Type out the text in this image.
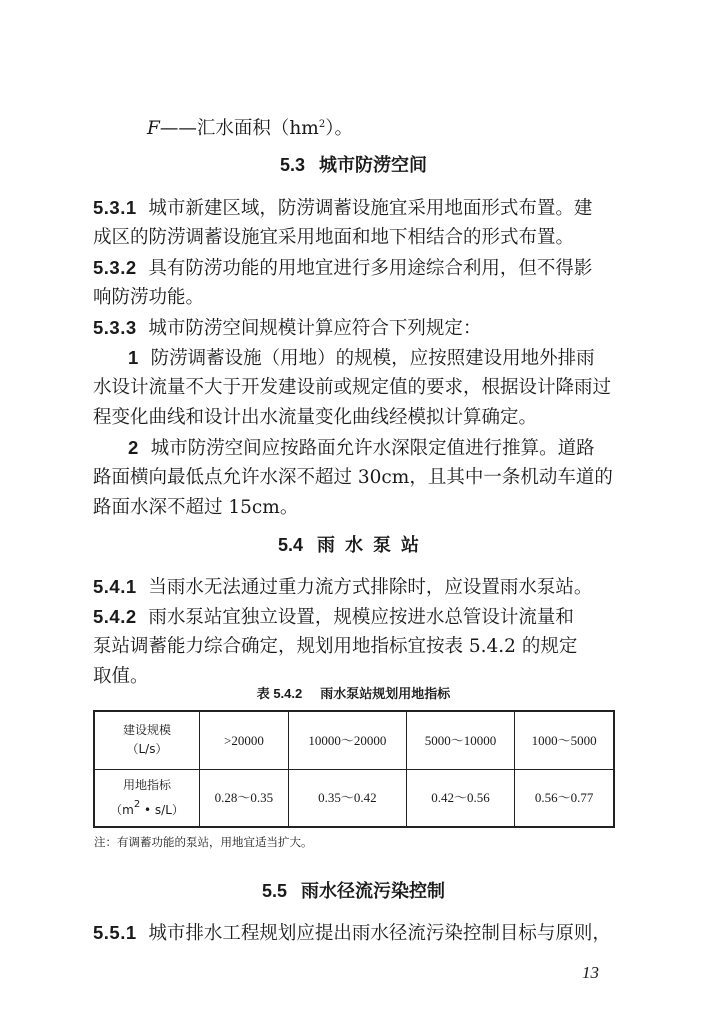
F——汇水面积$(hm^2)$。
5.3 城市防涝空间
5.3.1 城市新建区域，防涝调蓄设施宜采用地面形式布置。建
成区的防涝调蓄设施宜采用地面和地下相结合的形式布置。
5.3.2 具有防涝功能的用地宜进行多用途综合利用，但不得影
响防涝功能。
5.3.3 城市防涝空间规模计算应符合下列规定：
1 防涝调蓄设施（用地）的规模，应按照建设用地外排雨
水设计流量不大于开发建设前或规定值的要求，根据设计降雨过
程变化曲线和设计出水流量变化曲线经模拟计算确定。
2 城市防涝空间应按路面允许水深限定值进行推算。道路
路面横向最低点允许水深不超过 30cm，且其中一条机动车道的
路面水深不超过 15cm。
5.4 雨水泵站
5.4.1 当雨水无法通过重力流方式排除时，应设置雨水泵站。
5.4.2 雨水泵站宜独立设置，规模应按进水总管设计流量和
泵站调蓄能力综合确定，规划用地指标宜按表 5.4.2 的规定
取值。
表 5.4.2 雨水泵站规划用地指标
建设规模
（L/s）	>20000	10000～20000	5000～10000	1000～5000

用地指标
（$m^2$ • s/L）	0.28～0.35	0.35～0.42	0.42～0.56	0.56～0.77
注：有调蓄功能的泵站，用地宜适当扩大。
5.5 雨水径流污染控制
5.5.1 城市排水工程规划应提出雨水径流污染控制目标与原则，
13
